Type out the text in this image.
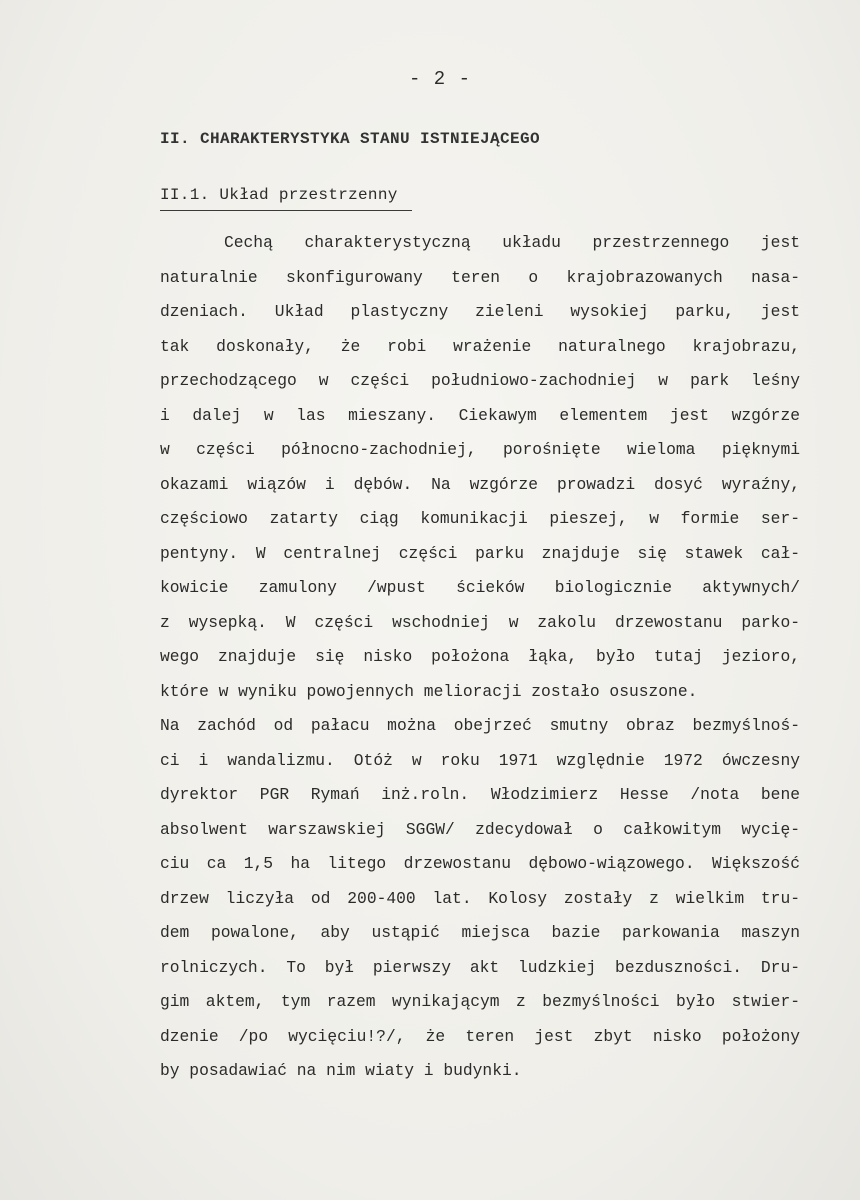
- 2 -
II. CHARAKTERYSTYKA STANU ISTNIEJĄCEGO
II.1. Układ przestrzenny
Cechą charakterystyczną układu przestrzennego jest
naturalnie skonfigurowany teren o krajobrazowanych nasa-
dzeniach. Układ plastyczny zieleni wysokiej parku, jest
tak doskonały, że robi wrażenie naturalnego krajobrazu,
przechodzącego w części południowo-zachodniej w park leśny
i dalej w las mieszany. Ciekawym elementem jest wzgórze
w części północno-zachodniej, porośnięte wieloma pięknymi
okazami wiązów i dębów. Na wzgórze prowadzi dosyć wyraźny,
częściowo zatarty ciąg komunikacji pieszej, w formie ser-
pentyny. W centralnej części parku znajduje się stawek cał-
kowicie zamulony /wpust ścieków biologicznie aktywnych/
z wysepką. W części wschodniej w zakolu drzewostanu parko-
wego znajduje się nisko położona łąka, było tutaj jezioro,
które w wyniku powojennych melioracji zostało osuszone.
Na zachód od pałacu można obejrzeć smutny obraz bezmyślnoś-
ci i wandalizmu. Otóż w roku 1971 względnie 1972 ówczesny
dyrektor PGR Rymań inż.roln. Włodzimierz Hesse /nota bene
absolwent warszawskiej SGGW/ zdecydował o całkowitym wycię-
ciu ca 1,5 ha litego drzewostanu dębowo-wiązowego. Większość
drzew liczyła od 200-400 lat. Kolosy zostały z wielkim tru-
dem powalone, aby ustąpić miejsca bazie parkowania maszyn
rolniczych. To był pierwszy akt ludzkiej bezduszności. Dru-
gim aktem, tym razem wynikającym z bezmyślności było stwier-
dzenie /po wycięciu!?/, że teren jest zbyt nisko położony
by posadawiać na nim wiaty i budynki.
